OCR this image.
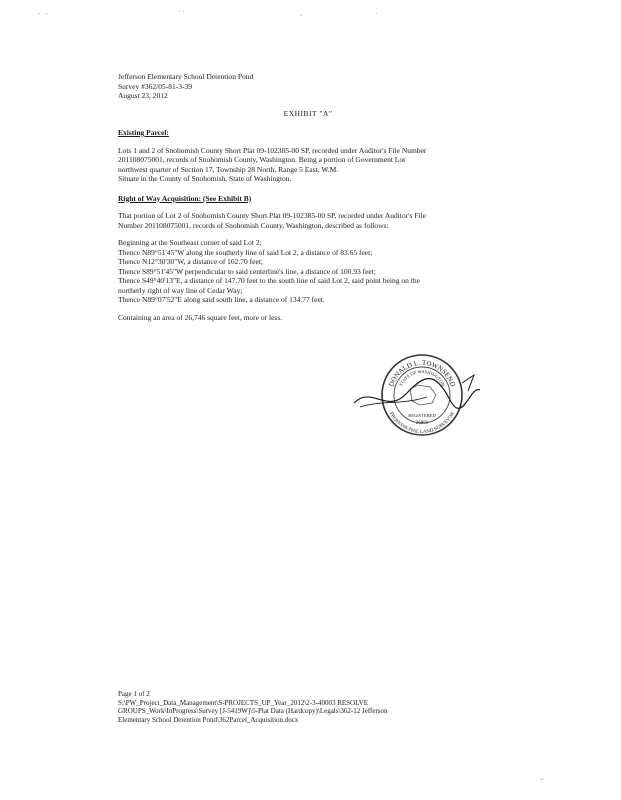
·   ·	· ·	·	·
–
Jefferson Elementary School Detention Pond
Survey #362/05-81-3-39
August 23, 2012
EXHIBIT "A"
Existing Parcel:
Lots 1 and 2 of Snohomish County Short Plat 09-102385-00 SP, recorded under Auditor's File Number
201108075001, records of Snohomish County, Washington. Being a portion of Government Lot
northwest quarter of Section 17, Township 28 North, Range 5 East, W.M.
Situate in the County of Snohomish, State of Washington.
Right of Way Acquisition: (See Exhibit B)
That portion of Lot 2 of Snohomish County Short Plat 09-102385-00 SP, recorded under Auditor's File
Number 201108075001, records of Snohomish County, Washington, described as follows:
Beginning at the Southeast corner of said Lot 2;
Thence N89°51'45"W along the southerly line of said Lot 2, a distance of 83.65 feet;
Thence N12°30'30"W, a distance of 162.70 feet;
Thence S89°51'45"W perpendicular to said centerline's line, a distance of 100.93 feet;
Thence S49°40'13"E, a distance of 147.70 feet to the south line of said Lot 2, said point being on the
northerly right of way line of Cedar Way;
Thence N89°07'52"E along said south line, a distance of 134.77 feet.
Containing an area of 26,746 square feet, more or less.
DONALD L. TOWNSEND
STATE OF WASHINGTON
PROFESSIONAL LAND SURVEYOR
REGISTERED
26960
Page 1 of 2
S:\PW_Project_Data_Management\S-PROJECTS_UP_Year_2012\2-3-40003 RESOLVE
GROUPS_Work\InProgress\Survey [J-5419W]\5-Plat Data (Hardcopy)\Legals\362-12 Jefferson
Elementary School Detention Pond\362Parcel_Acquisition.docx
